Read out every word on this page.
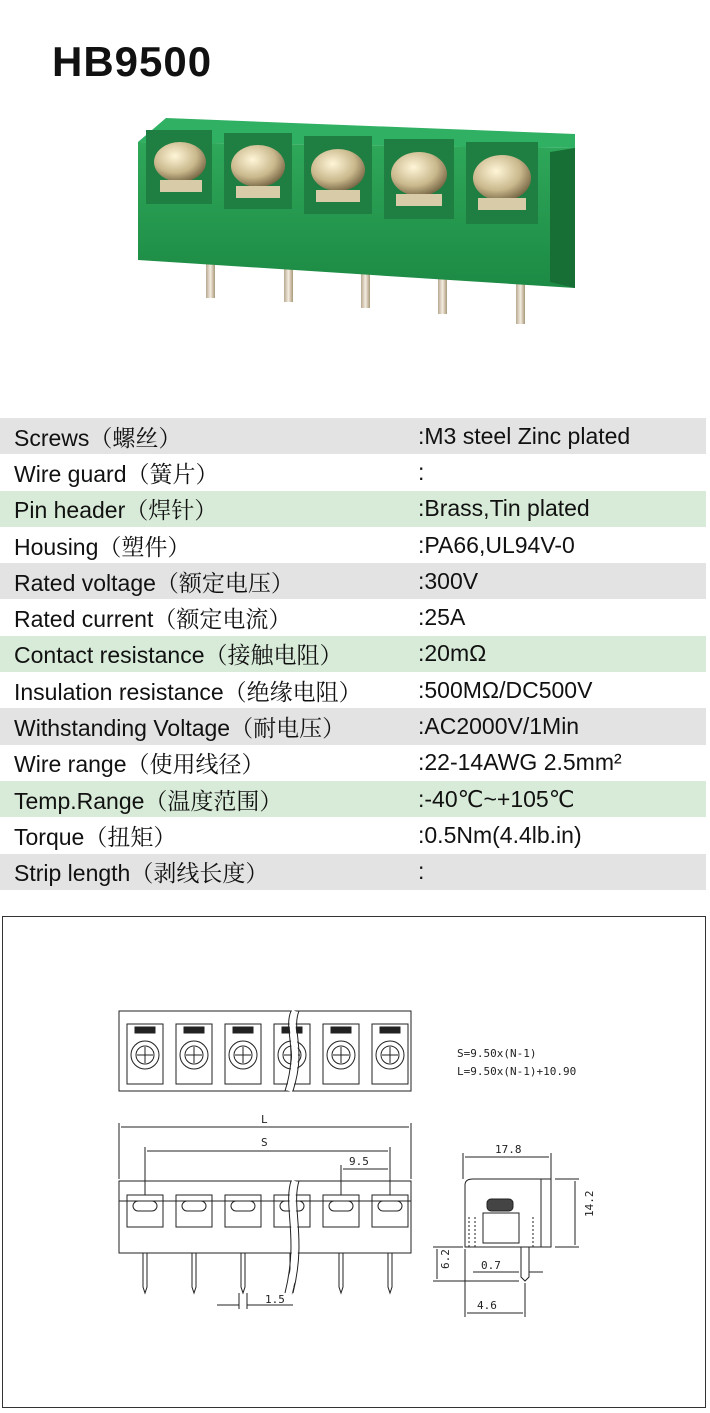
HB9500
Screws（螺丝）	:M3 steel Zinc plated
Wire guard（簧片）	:
Pin header（焊针）	:Brass,Tin plated
Housing（塑件）	:PA66,UL94V-0
Rated voltage（额定电压）	:300V
Rated current（额定电流）	:25A
Contact resistance（接触电阻）	:20mΩ
Insulation resistance（绝缘电阻）	:500MΩ/DC500V
Withstanding Voltage（耐电压）	:AC2000V/1Min
Wire range（使用线径）	:22-14AWG 2.5mm²
Temp.Range（温度范围）	:-40℃~+105℃
Torque（扭矩）	:0.5Nm(4.4lb.in)
Strip length（剥线长度）	:
S=9.50x(N-1)
L=9.50x(N-1)+10.90
L
S
9.5
1.5
17.8
14.2
6.2	0.7
4.6
